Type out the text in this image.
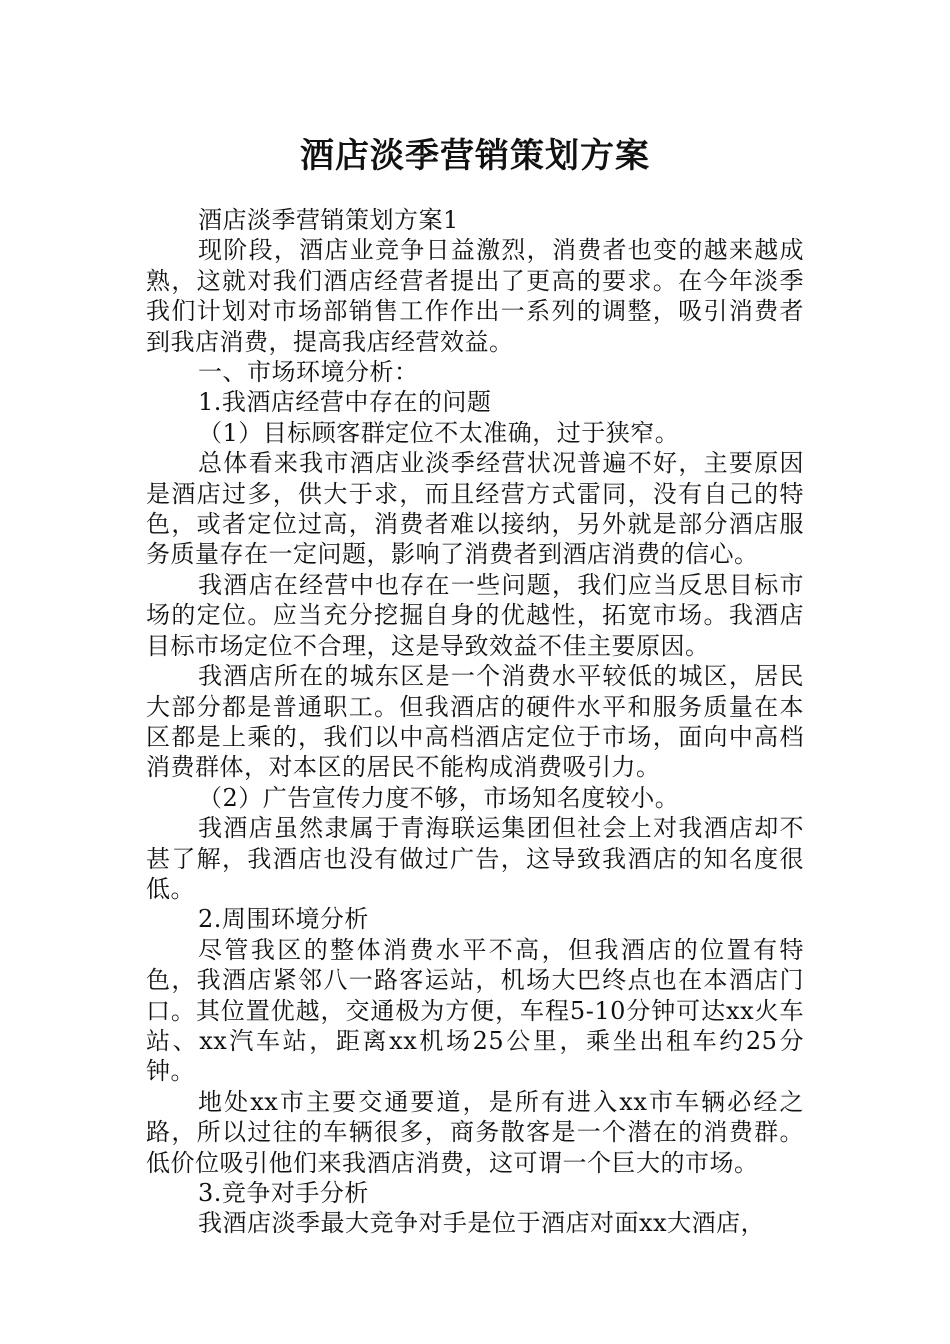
酒店淡季营销策划方案

酒店淡季营销策划方案1

现阶段，酒店业竞争日益激烈，消费者也变的越来越成熟，这就对我们酒店经营者提出了更高的要求。在今年淡季我们计划对市场部销售工作作出一系列的调整，吸引消费者到我店消费，提高我店经营效益。

一、市场环境分析：

1.我酒店经营中存在的问题

（1）目标顾客群定位不太准确，过于狭窄。

总体看来我市酒店业淡季经营状况普遍不好，主要原因是酒店过多，供大于求，而且经营方式雷同，没有自己的特色，或者定位过高，消费者难以接纳，另外就是部分酒店服务质量存在一定问题，影响了消费者到酒店消费的信心。

我酒店在经营中也存在一些问题，我们应当反思目标市场的定位。应当充分挖掘自身的优越性，拓宽市场。我酒店目标市场定位不合理，这是导致效益不佳主要原因。

我酒店所在的城东区是一个消费水平较低的城区，居民大部分都是普通职工。但我酒店的硬件水平和服务质量在本区都是上乘的，我们以中高档酒店定位于市场，面向中高档消费群体，对本区的居民不能构成消费吸引力。

（2）广告宣传力度不够，市场知名度较小。

我酒店虽然隶属于青海联运集团但社会上对我酒店却不甚了解，我酒店也没有做过广告，这导致我酒店的知名度很低。

2.周围环境分析

尽管我区的整体消费水平不高，但我酒店的位置有特色，我酒店紧邻八一路客运站，机场大巴终点也在本酒店门口。其位置优越，交通极为方便，车程5-10分钟可达xx火车站、xx汽车站，距离xx机场25公里，乘坐出租车约25分钟。

地处xx市主要交通要道，是所有进入xx市车辆必经之路，所以过往的车辆很多，商务散客是一个潜在的消费群。低价位吸引他们来我酒店消费，这可谓一个巨大的市场。

3.竞争对手分析

我酒店淡季最大竞争对手是位于酒店对面xx大酒店，
